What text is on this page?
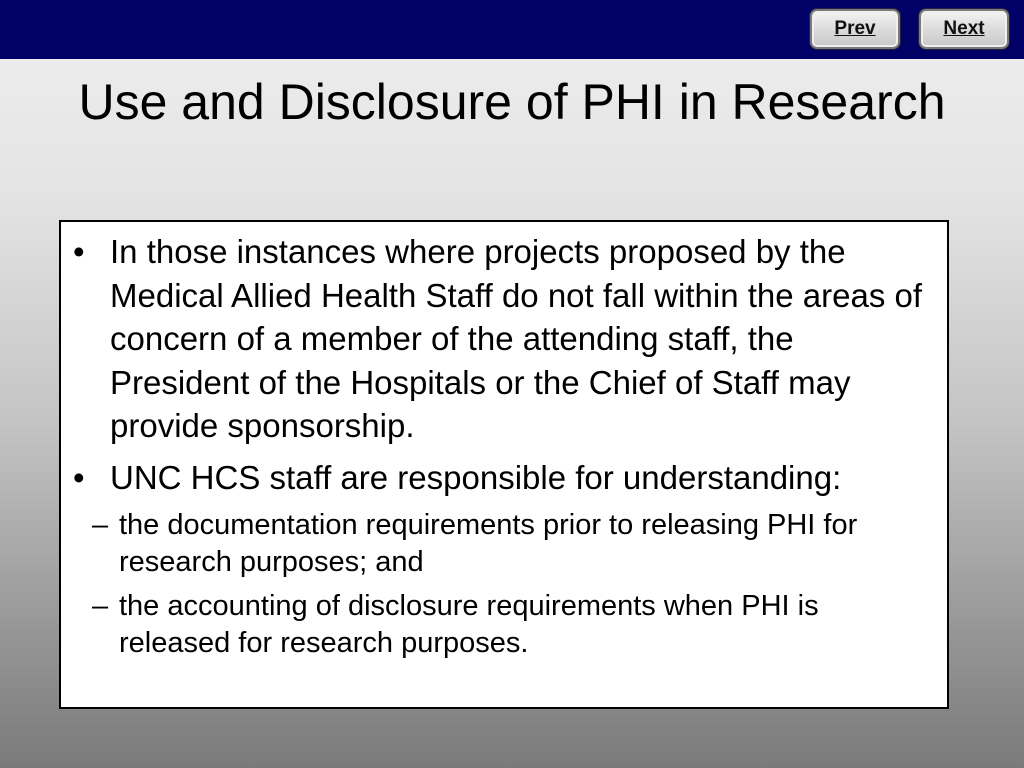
Prev	Next
Use and Disclosure of PHI in Research
• In those instances where projects proposed by the Medical Allied Health Staff do not fall within the areas of concern of a member of the attending staff, the President of the Hospitals or the Chief of Staff may provide sponsorship.
• UNC HCS staff are responsible for understanding:
– the documentation requirements prior to releasing PHI for research purposes; and
– the accounting of disclosure requirements when PHI is released for research purposes.
